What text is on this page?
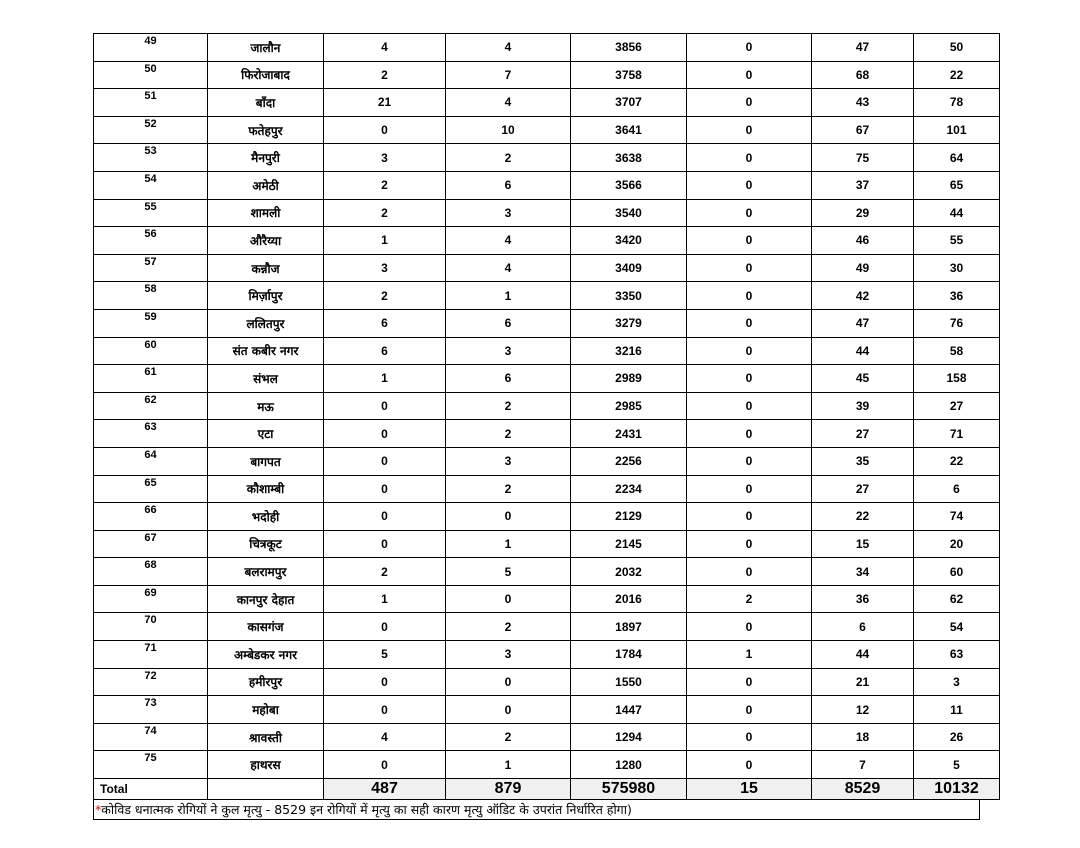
49	जालौन	4	4	3856	0	47	50
50	फिरोजाबाद	2	7	3758	0	68	22
51	बाँदा	21	4	3707	0	43	78
52	फतेहपुर	0	10	3641	0	67	101
53	मैनपुरी	3	2	3638	0	75	64
54	अमेठी	2	6	3566	0	37	65
55	शामली	2	3	3540	0	29	44
56	औरैय्या	1	4	3420	0	46	55
57	कन्नौज	3	4	3409	0	49	30
58	मिर्ज़ापुर	2	1	3350	0	42	36
59	ललितपुर	6	6	3279	0	47	76
60	संत कबीर नगर	6	3	3216	0	44	58
61	संभल	1	6	2989	0	45	158
62	मऊ	0	2	2985	0	39	27
63	एटा	0	2	2431	0	27	71
64	बागपत	0	3	2256	0	35	22
65	कौशाम्बी	0	2	2234	0	27	6
66	भदोही	0	0	2129	0	22	74
67	चित्रकूट	0	1	2145	0	15	20
68	बलरामपुर	2	5	2032	0	34	60
69	कानपुर देहात	1	0	2016	2	36	62
70	कासगंज	0	2	1897	0	6	54
71	अम्बेडकर नगर	5	3	1784	1	44	63
72	हमीरपुर	0	0	1550	0	21	3
73	महोबा	0	0	1447	0	12	11
74	श्रावस्ती	4	2	1294	0	18	26
75	हाथरस	0	1	1280	0	7	5
Total		487	879	575980	15	8529	10132
*कोविड धनात्मक रोगियों ने कुल मृत्यु - 8529 इन रोगियों में मृत्यु का सही कारण मृत्यु ऑडिट के उपरांत निर्धारित होगा)
